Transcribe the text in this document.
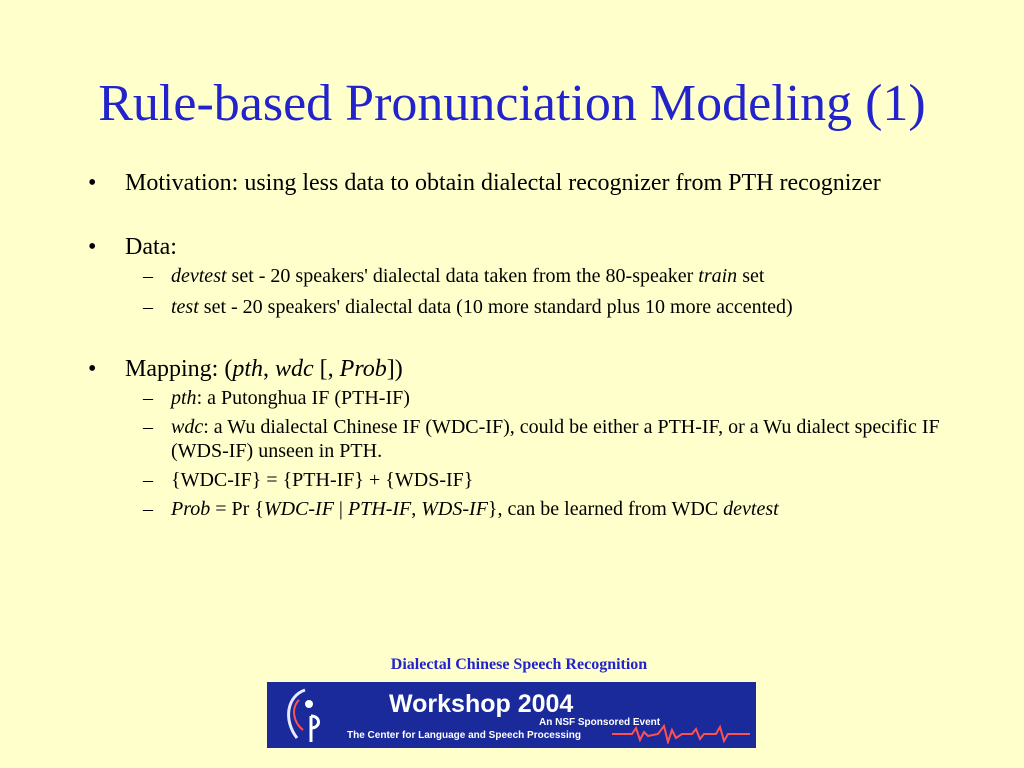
Rule-based Pronunciation Modeling (1)
• Motivation: using less data to obtain dialectal recognizer from PTH recognizer
• Data:
– devtest set - 20 speakers' dialectal data taken from the 80-speaker train set
– test set - 20 speakers' dialectal data (10 more standard plus 10 more accented)
• Mapping: (pth, wdc [, Prob])
– pth: a Putonghua IF (PTH-IF)
– wdc: a Wu dialectal Chinese IF (WDC-IF), could be either a PTH-IF, or a Wu dialect specific IF (WDS-IF) unseen in PTH.
– {WDC-IF} = {PTH-IF} + {WDS-IF}
– Prob = Pr {WDC-IF | PTH-IF, WDS-IF}, can be learned from WDC devtest
Dialectal Chinese Speech Recognition
Workshop 2004
An NSF Sponsored Event
The Center for Language and Speech Processing
